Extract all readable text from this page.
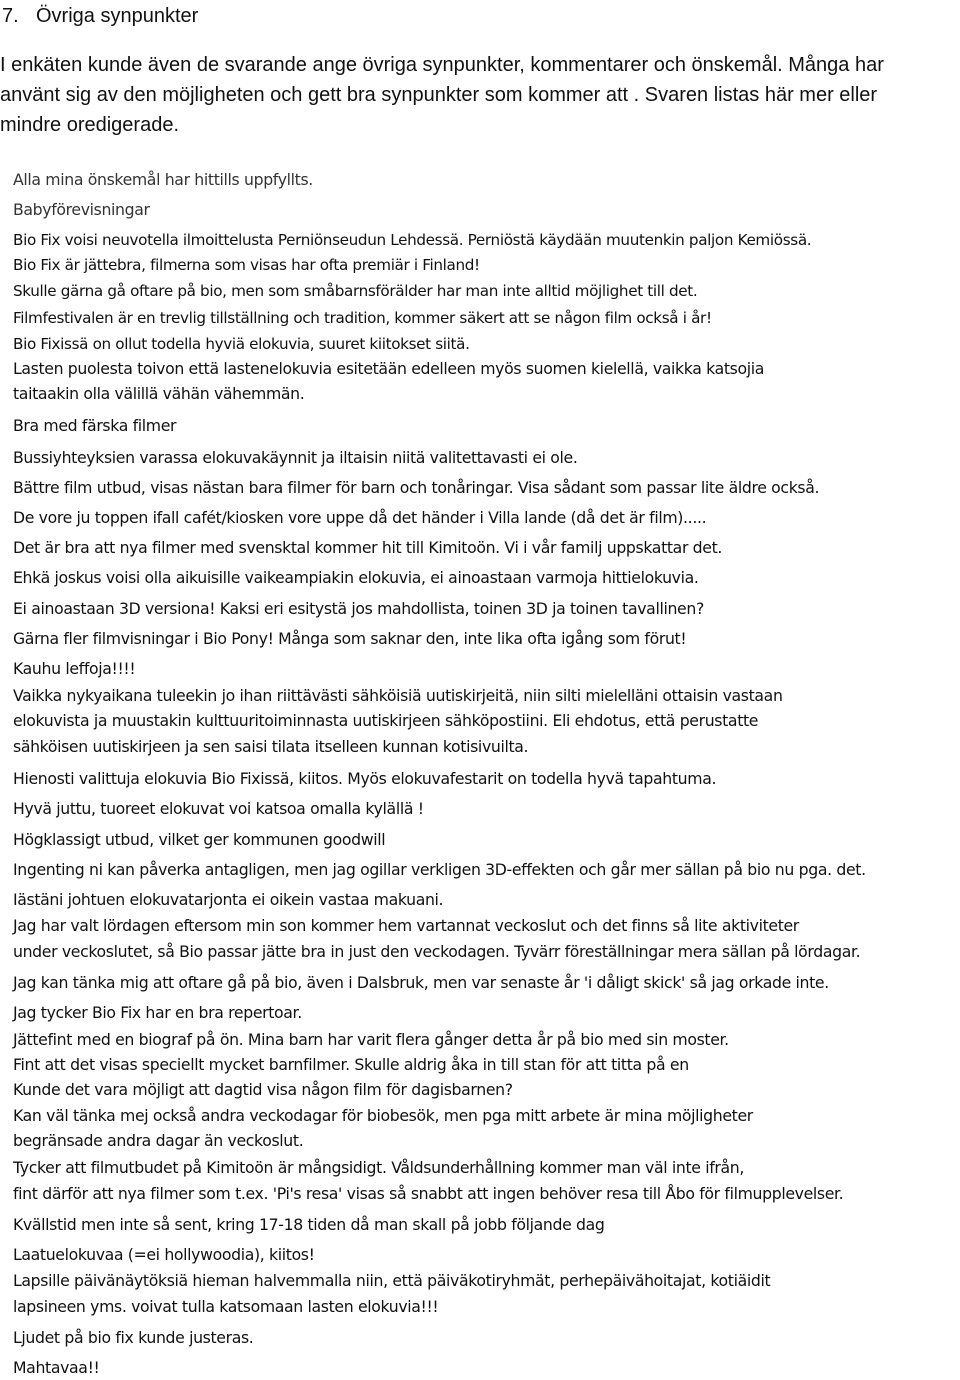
7. Övriga synpunkter
I enkäten kunde även de svarande ange övriga synpunkter, kommentarer och önskemål. Många har
använt sig av den möjligheten och gett bra synpunkter som kommer att . Svaren listas här mer eller
mindre oredigerade.
Alla mina önskemål har hittills uppfyllts.
Babyförevisningar
Bio Fix voisi neuvotella ilmoittelusta Perniönseudun Lehdessä. Perniöstä käydään muutenkin paljon Kemiössä.
Bio Fix är jättebra, filmerna som visas har ofta premiär i Finland!
Skulle gärna gå oftare på bio, men som småbarnsförälder har man inte alltid möjlighet till det.
Filmfestivalen är en trevlig tillställning och tradition, kommer säkert att se någon film också i år!
Bio Fixissä on ollut todella hyviä elokuvia, suuret kiitokset siitä.
Lasten puolesta toivon että lastenelokuvia esitetään edelleen myös suomen kielellä, vaikka katsojia
taitaakin olla välillä vähän vähemmän.
Bra med färska filmer
Bussiyhteyksien varassa elokuvakäynnit ja iltaisin niitä valitettavasti ei ole.
Bättre film utbud, visas nästan bara filmer för barn och tonåringar. Visa sådant som passar lite äldre också.
De vore ju toppen ifall cafét/kiosken vore uppe då det händer i Villa lande (då det är film).....
Det är bra att nya filmer med svensktal kommer hit till Kimitoön. Vi i vår familj uppskattar det.
Ehkä joskus voisi olla aikuisille vaikeampiakin elokuvia, ei ainoastaan varmoja hittielokuvia.
Ei ainoastaan 3D versiona! Kaksi eri esitystä jos mahdollista, toinen 3D ja toinen tavallinen?
Gärna fler filmvisningar i Bio Pony! Många som saknar den, inte lika ofta igång som förut!
Kauhu leffoja!!!!
Vaikka nykyaikana tuleekin jo ihan riittävästi sähköisiä uutiskirjeitä, niin silti mielelläni ottaisin vastaan
elokuvista ja muustakin kulttuuritoiminnasta uutiskirjeen sähköpostiini. Eli ehdotus, että perustatte
sähköisen uutiskirjeen ja sen saisi tilata itselleen kunnan kotisivuilta.
Hienosti valittuja elokuvia Bio Fixissä, kiitos. Myös elokuvafestarit on todella hyvä tapahtuma.
Hyvä juttu, tuoreet elokuvat voi katsoa omalla kylällä !
Högklassigt utbud, vilket ger kommunen goodwill
Ingenting ni kan påverka antagligen, men jag ogillar verkligen 3D-effekten och går mer sällan på bio nu pga. det.
Iästäni johtuen elokuvatarjonta ei oikein vastaa makuani.
Jag har valt lördagen eftersom min son kommer hem vartannat veckoslut och det finns så lite aktiviteter
under veckoslutet, så Bio passar jätte bra in just den veckodagen. Tyvärr föreställningar mera sällan på lördagar.
Jag kan tänka mig att oftare gå på bio, även i Dalsbruk, men var senaste år 'i dåligt skick' så jag orkade inte.
Jag tycker Bio Fix har en bra repertoar.
Jättefint med en biograf på ön. Mina barn har varit flera gånger detta år på bio med sin moster.
Fint att det visas speciellt mycket barnfilmer. Skulle aldrig åka in till stan för att titta på en
Kunde det vara möjligt att dagtid visa någon film för dagisbarnen?
Kan väl tänka mej också andra veckodagar för biobesök, men pga mitt arbete är mina möjligheter
begränsade andra dagar än veckoslut.
Tycker att filmutbudet på Kimitoön är mångsidigt. Våldsunderhållning kommer man väl inte ifrån,
fint därför att nya filmer som t.ex. 'Pi's resa' visas så snabbt att ingen behöver resa till Åbo för filmupplevelser.
Kvällstid men inte så sent, kring 17-18 tiden då man skall på jobb följande dag
Laatuelokuvaa (=ei hollywoodia), kiitos!
Lapsille päivänäytöksiä hieman halvemmalla niin, että päiväkotiryhmät, perhepäivähoitajat, kotiäidit
lapsineen yms. voivat tulla katsomaan lasten elokuvia!!!
Ljudet på bio fix kunde justeras.
Mahtavaa!!
